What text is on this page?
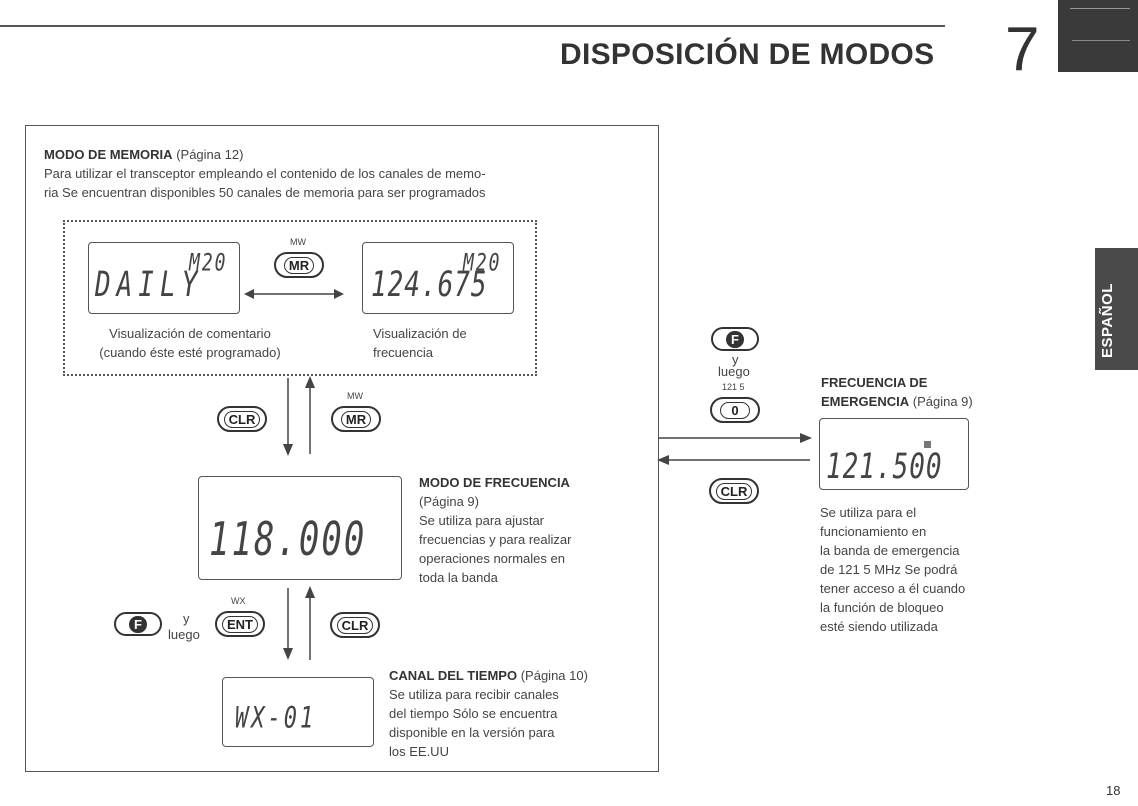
DISPOSICIÓN DE MODOS 7
ESPAÑOL
MODO DE MEMORIA (Página 12)
Para utilizar el transceptor empleando el contenido de los canales de memo-
ria Se encuentran disponibles 50 canales de memoria para ser programados
M20
DAILY
M20
124.675
MW
MR
Visualización de comentario
(cuando éste esté programado)
Visualización de
frecuencia
CLR
MW
MR
118.000
MODO DE FRECUENCIA
(Página 9)
Se utiliza para ajustar
frecuencias y para realizar
operaciones normales en
toda la banda
F	y
luego
WX
ENT	CLR
WX-01
CANAL DEL TIEMPO (Página 10)
Se utiliza para recibir canales
del tiempo Sólo se encuentra
disponible en la versión para
los EE.UU
F
y
luego
121 5
0
CLR
FRECUENCIA DE
EMERGENCIA (Página 9)
121.500
Se utiliza para el
funcionamiento en
la banda de emergencia
de 121 5 MHz Se podrá
tener acceso a él cuando
la función de bloqueo
esté siendo utilizada
18
